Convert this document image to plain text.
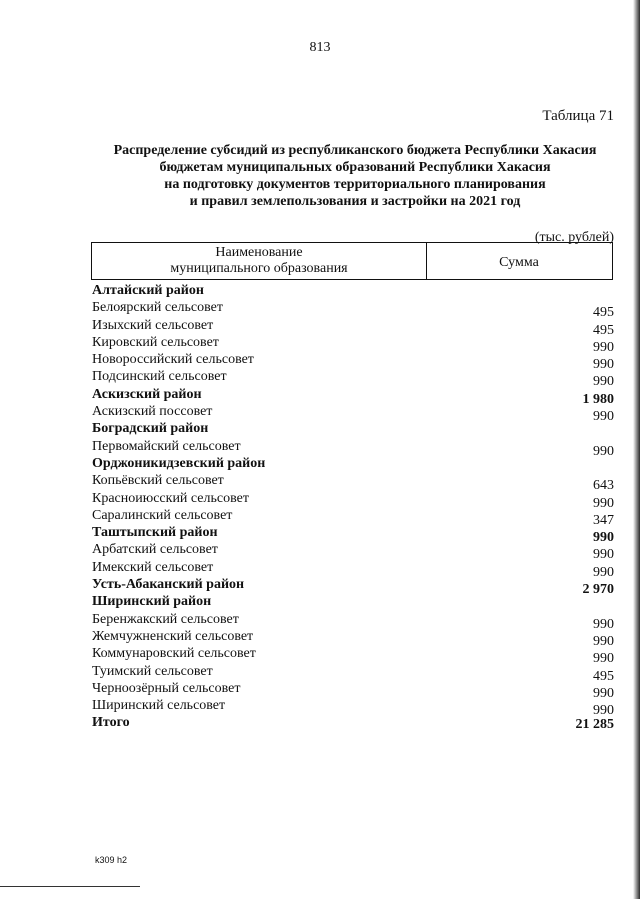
813
Таблица 71
Распределение субсидий из республиканского бюджета Республики Хакасия
бюджетам муниципальных образований Республики Хакасия
на подготовку документов территориального планирования
и правил землепользования и застройки на 2021 год
(тыс. рублей)
Наименование
муниципального образования	Сумма
Алтайский район
Белоярский сельсовет	495
Изыхский сельсовет	495
Кировский сельсовет	990
Новороссийский сельсовет	990
Подсинский сельсовет	990
Аскизский район	1 980
Аскизский поссовет	990
Боградский район
Первомайский сельсовет	990
Орджоникидзевский район
Копьёвский сельсовет	643
Красноиюсский сельсовет	990
Саралинский сельсовет	347
Таштыпский район	990
Арбатский сельсовет	990
Имекский сельсовет	990
Усть-Абаканский район	2 970
Ширинский район
Беренжакский сельсовет	990
Жемчужненский сельсовет	990
Коммунаровский сельсовет	990
Туимский сельсовет	495
Черноозёрный сельсовет	990
Ширинский сельсовет	990
Итого	21 285
k309 h2
